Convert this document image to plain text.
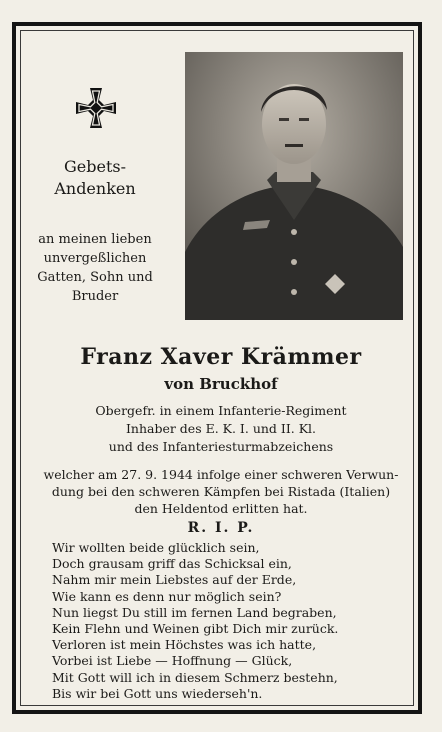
Gebets-
Andenken
an meinen lieben
unvergeßlichen
Gatten, Sohn und
Bruder
Franz Xaver Krämmer
von Bruckhof
Obergefr. in einem Infanterie-Regiment
Inhaber des E. K. I. und II. Kl.
und des Infanteriesturmabzeichens
welcher am 27. 9. 1944 infolge einer schweren Verwun-
dung bei den schweren Kämpfen bei Ristada (Italien)
den Heldentod erlitten hat.
R. I. P.
Wir wollten beide glücklich sein,
Doch grausam griff das Schicksal ein,
Nahm mir mein Liebstes auf der Erde,
Wie kann es denn nur möglich sein?
Nun liegst Du still im fernen Land begraben,
Kein Flehn und Weinen gibt Dich mir zurück.
Verloren ist mein Höchstes was ich hatte,
Vorbei ist Liebe — Hoffnung — Glück,
Mit Gott will ich in diesem Schmerz bestehn,
Bis wir bei Gott uns wiederseh'n.
